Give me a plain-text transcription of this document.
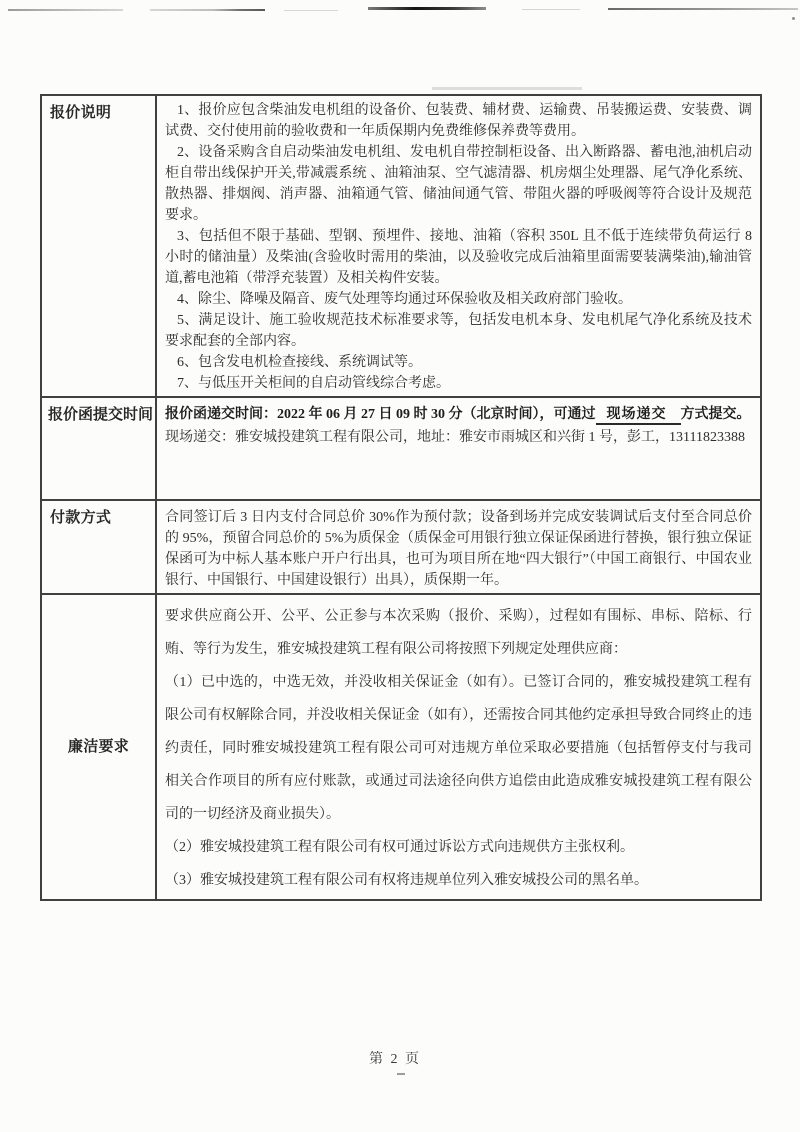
报价说明	1、报价应包含柴油发电机组的设备价、包装费、辅材费、运输费、吊装搬运费、安装费、调试费、交付使用前的验收费和一年质保期内免费维修保养费等费用。

2、设备采购含自启动柴油发电机组、发电机自带控制柜设备、出入断路器、蓄电池,油机启动柜自带出线保护开关,带减震系统 、油箱油泵、空气滤清器、机房烟尘处理器、尾气净化系统、散热器、排烟阀、消声器、油箱通气管、储油间通气管、带阻火器的呼吸阀等符合设计及规范要求。

3、包括但不限于基础、型钢、预埋件、接地、油箱（容积 350L 且不低于连续带负荷运行 8 小时的储油量）及柴油(含验收时需用的柴油，以及验收完成后油箱里面需要装满柴油),输油管道,蓄电池箱（带浮充装置）及相关构件安装。

4、除尘、降噪及隔音、废气处理等均通过环保验收及相关政府部门验收。

5、满足设计、施工验收规范技术标准要求等，包括发电机本身、发电机尾气净化系统及技术要求配套的全部内容。

6、包含发电机检查接线、系统调试等。

7、与低压开关柜间的自启动管线综合考虑。

报价函提交时间	报价函递交时间：2022 年 06 月 27 日 09 时 30 分（北京时间），可通过 现场递交 方式提交。

现场递交：雅安城投建筑工程有限公司，地址：雅安市雨城区和兴街 1 号，彭工，13111823388

付款方式	合同签订后 3 日内支付合同总价 30%作为预付款；设备到场并完成安装调试后支付至合同总价的 95%，预留合同总价的 5%为质保金（质保金可用银行独立保证保函进行替换，银行独立保证保函可为中标人基本账户开户行出具，也可为项目所在地“四大银行”（中国工商银行、中国农业银行、中国银行、中国建设银行）出具），质保期一年。

廉洁要求	要求供应商公开、公平、公正参与本次采购（报价、采购），过程如有围标、串标、陪标、行贿、等行为发生，雅安城投建筑工程有限公司将按照下列规定处理供应商：

（1）已中选的，中选无效，并没收相关保证金（如有）。已签订合同的，雅安城投建筑工程有限公司有权解除合同，并没收相关保证金（如有），还需按合同其他约定承担导致合同终止的违约责任，同时雅安城投建筑工程有限公司可对违规方单位采取必要措施（包括暂停支付与我司相关合作项目的所有应付账款，或通过司法途径向供方追偿由此造成雅安城投建筑工程有限公司的一切经济及商业损失）。

（2）雅安城投建筑工程有限公司有权可通过诉讼方式向违规供方主张权利。

（3）雅安城投建筑工程有限公司有权将违规单位列入雅安城投公司的黑名单。

第 2 页
